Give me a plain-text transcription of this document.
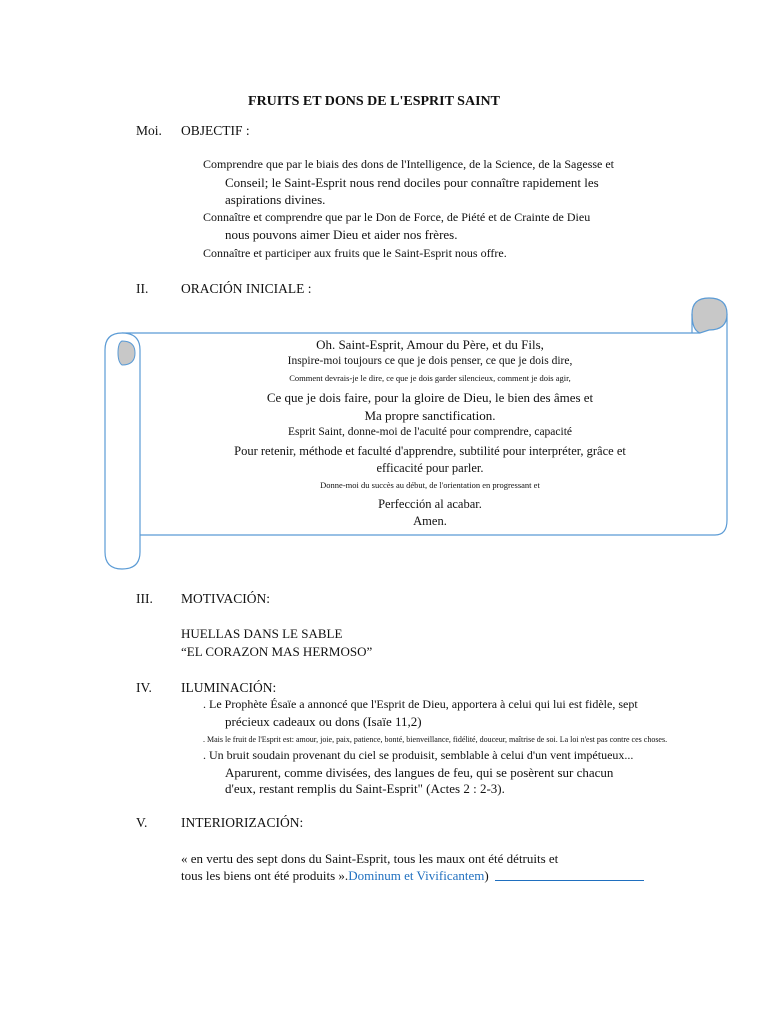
FRUITS ET DONS DE L'ESPRIT SAINT
Moi. OBJECTIF :
Comprendre que par le biais des dons de l'Intelligence, de la Science, de la Sagesse et
Conseil; le Saint-Esprit nous rend dociles pour connaître rapidement les
aspirations divines.
Connaître et comprendre que par le Don de Force, de Piété et de Crainte de Dieu
nous pouvons aimer Dieu et aider nos frères.
Connaître et participer aux fruits que le Saint-Esprit nous offre.
II. ORACIÓN INICIALE :
Oh. Saint-Esprit, Amour du Père, et du Fils,
Inspire-moi toujours ce que je dois penser, ce que je dois dire,
Comment devrais-je le dire, ce que je dois garder silencieux, comment je dois agir,
Ce que je dois faire, pour la gloire de Dieu, le bien des âmes et
Ma propre sanctification.
Esprit Saint, donne-moi de l'acuité pour comprendre, capacité
Pour retenir, méthode et faculté d'apprendre, subtilité pour interpréter, grâce et
efficacité pour parler.
Donne-moi du succès au début, de l'orientation en progressant et
Perfección al acabar.
Amen.
III. MOTIVACIÓN:
HUELLAS DANS LE SABLE
“EL CORAZON MAS HERMOSO”
IV. ILUMINACIÓN:
. Le Prophète Ésaïe a annoncé que l'Esprit de Dieu, apportera à celui qui lui est fidèle, sept
précieux cadeaux ou dons (Isaïe 11,2)
. Mais le fruit de l'Esprit est: amour, joie, paix, patience, bonté, bienveillance, fidélité, douceur, maîtrise de soi. La loi n'est pas contre ces choses.
. Un bruit soudain provenant du ciel se produisit, semblable à celui d'un vent impétueux...
Aparurent, comme divisées, des langues de feu, qui se posèrent sur chacun
d'eux, restant remplis du Saint-Esprit" (Actes 2 : 2-3).
V. INTERIORIZACIÓN:
« en vertu des sept dons du Saint-Esprit, tous les maux ont été détruits et
tous les biens ont été produits ».Dominum et Vivificantem)
